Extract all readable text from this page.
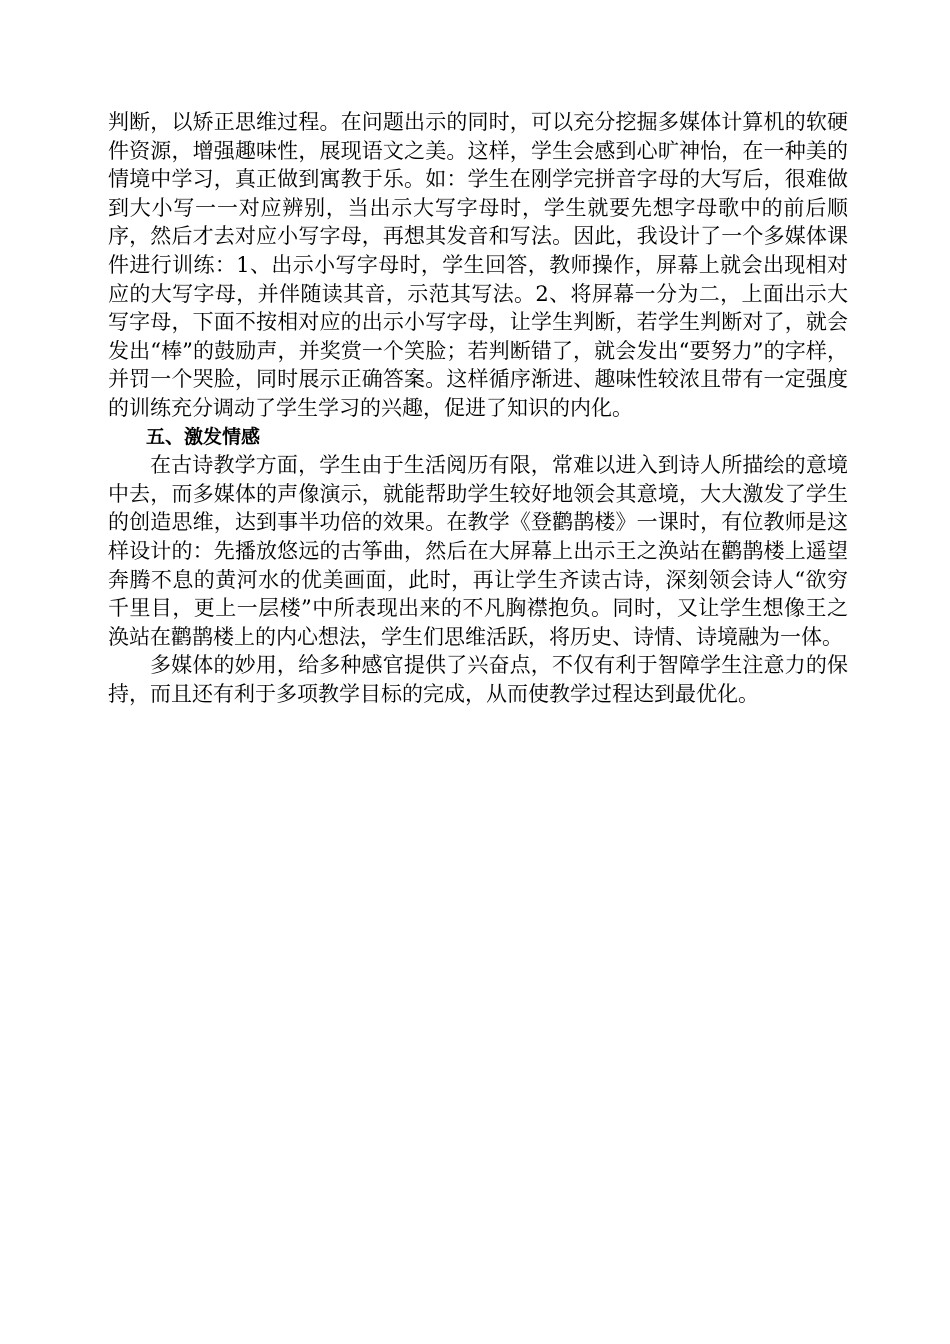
判断，以矫正思维过程。在问题出示的同时，可以充分挖掘多媒体计算机的软硬件资源，增强趣味性，展现语文之美。这样，学生会感到心旷神怡，在一种美的情境中学习，真正做到寓教于乐。如：学生在刚学完拼音字母的大写后，很难做到大小写一一对应辨别，当出示大写字母时，学生就要先想字母歌中的前后顺序，然后才去对应小写字母，再想其发音和写法。因此，我设计了一个多媒体课件进行训练：1、出示小写字母时，学生回答，教师操作，屏幕上就会出现相对应的大写字母，并伴随读其音，示范其写法。2、将屏幕一分为二，上面出示大写字母，下面不按相对应的出示小写字母，让学生判断，若学生判断对了，就会发出“棒”的鼓励声，并奖赏一个笑脸；若判断错了，就会发出“要努力”的字样，并罚一个哭脸，同时展示正确答案。这样循序渐进、趣味性较浓且带有一定强度的训练充分调动了学生学习的兴趣，促进了知识的内化。

五、激发情感

在古诗教学方面，学生由于生活阅历有限，常难以进入到诗人所描绘的意境中去，而多媒体的声像演示，就能帮助学生较好地领会其意境，大大激发了学生的创造思维，达到事半功倍的效果。在教学《登鹳鹊楼》一课时，有位教师是这样设计的：先播放悠远的古筝曲，然后在大屏幕上出示王之涣站在鹳鹊楼上遥望奔腾不息的黄河水的优美画面，此时，再让学生齐读古诗，深刻领会诗人“欲穷千里目，更上一层楼”中所表现出来的不凡胸襟抱负。同时，又让学生想像王之涣站在鹳鹊楼上的内心想法，学生们思维活跃，将历史、诗情、诗境融为一体。

多媒体的妙用，给多种感官提供了兴奋点，不仅有利于智障学生注意力的保持，而且还有利于多项教学目标的完成，从而使教学过程达到最优化。
